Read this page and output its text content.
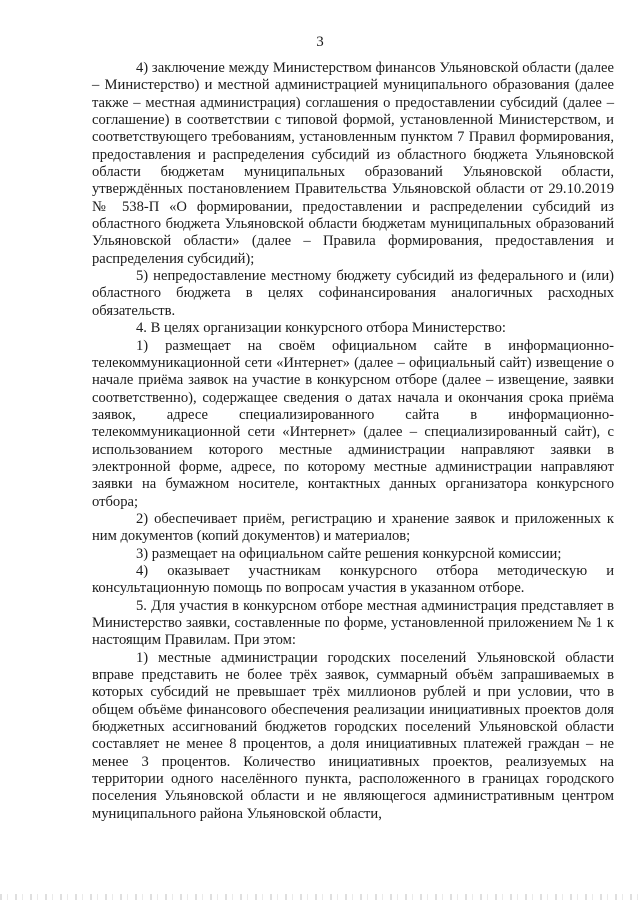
3

4) заключение между Министерством финансов Ульяновской области (далее – Министерство) и местной администрацией муниципального образования (далее также – местная администрация) соглашения о предоставлении субсидий (далее – соглашение) в соответствии с типовой формой, установленной Министерством, и соответствующего требованиям, установленным пунктом 7 Правил формирования, предоставления и распределения субсидий из областного бюджета Ульяновской области бюджетам муниципальных образований Ульяновской области, утверждённых постановлением Правительства Ульяновской области от 29.10.2019 № 538-П «О формировании, предоставлении и распределении субсидий из областного бюджета Ульяновской области бюджетам муниципальных образований Ульяновской области» (далее – Правила формирования, предоставления и распределения субсидий);

5) непредоставление местному бюджету субсидий из федерального и (или) областного бюджета в целях софинансирования аналогичных расходных обязательств.

4. В целях организации конкурсного отбора Министерство:

1) размещает на своём официальном сайте в информационно-телекоммуникационной сети «Интернет» (далее – официальный сайт) извещение о начале приёма заявок на участие в конкурсном отборе (далее – извещение, заявки соответственно), содержащее сведения о датах начала и окончания срока приёма заявок, адресе специализированного сайта в информационно-телекоммуникационной сети «Интернет» (далее – специализированный сайт), с использованием которого местные администрации направляют заявки в электронной форме, адресе, по которому местные администрации направляют заявки на бумажном носителе, контактных данных организатора конкурсного отбора;

2) обеспечивает приём, регистрацию и хранение заявок и приложенных к ним документов (копий документов) и материалов;

3) размещает на официальном сайте решения конкурсной комиссии;

4) оказывает участникам конкурсного отбора методическую и консультационную помощь по вопросам участия в указанном отборе.

5. Для участия в конкурсном отборе местная администрация представляет в Министерство заявки, составленные по форме, установленной приложением № 1 к настоящим Правилам. При этом:

1) местные администрации городских поселений Ульяновской области вправе представить не более трёх заявок, суммарный объём запрашиваемых в которых субсидий не превышает трёх миллионов рублей и при условии, что в общем объёме финансового обеспечения реализации инициативных проектов доля бюджетных ассигнований бюджетов городских поселений Ульяновской области составляет не менее 8 процентов, а доля инициативных платежей граждан – не менее 3 процентов. Количество инициативных проектов, реализуемых на территории одного населённого пункта, расположенного в границах городского поселения Ульяновской области и не являющегося административным центром муниципального района Ульяновской области,
